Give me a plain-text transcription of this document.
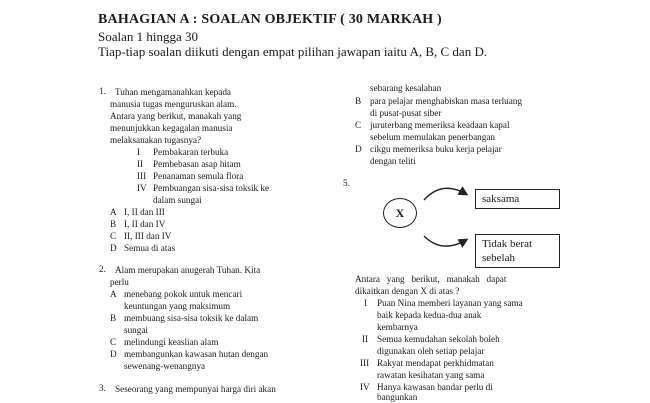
BAHAGIAN A : SOALAN OBJEKTIF ( 30 MARKAH )
Soalan 1 hingga 30
Tiap-tiap soalan diikuti dengan empat pilihan jawapan iaitu A, B, C dan D.
1. Tuhan mengamanahkan kepada
manusia tugas menguruskan alam.
Antara yang berikut, manakah yang
menunjukkan kegagalan manusia
melaksanakan tugasnya?
I Pembakaran terbuka
II Pembebasan asap hitam
III Penanaman semula flora
IV Pembuangan sisa-sisa toksik ke
dalam sungai
A I, II dan III
B I, II dan IV
C II, III dan IV
D Semua di atas
2. Alam merupakan anugerah Tuhan. Kita
perlu
A menebang pokok untuk mencari
keuntungan yang maksimum
B membuang sisa-sisa toksik ke dalam
sungai
C melindungi keaslian alam
D membangunkan kawasan hutan dengan
sewenang-wenangnya
3. Seseorang yang mempunyai harga diri akan
sebarang kesalahan
B para pelajar menghabiskan masa terluang
di pusat-pusat siber
C juruterbang memeriksa keadaan kapal
sebelum memulakan penerbangan
D cikgu memeriksa buku kerja pelajar
dengan teliti
5.
X
saksama
Tidak berat
sebelah
Antara yang berikut, manakah dapat
dikaitkan dengan X di atas ?
I Puan Nina memberi layanan yang sama
baik kepada kedua-dua anak
kembarnya
II Semua kemudahan sekolah boleh
digunakan oleh setiap pelajar
III Rakyat mendapat perkhidmatan
rawatan kesihatan yang sama
IV Hanya kawasan bandar perlu di
bangunkan
